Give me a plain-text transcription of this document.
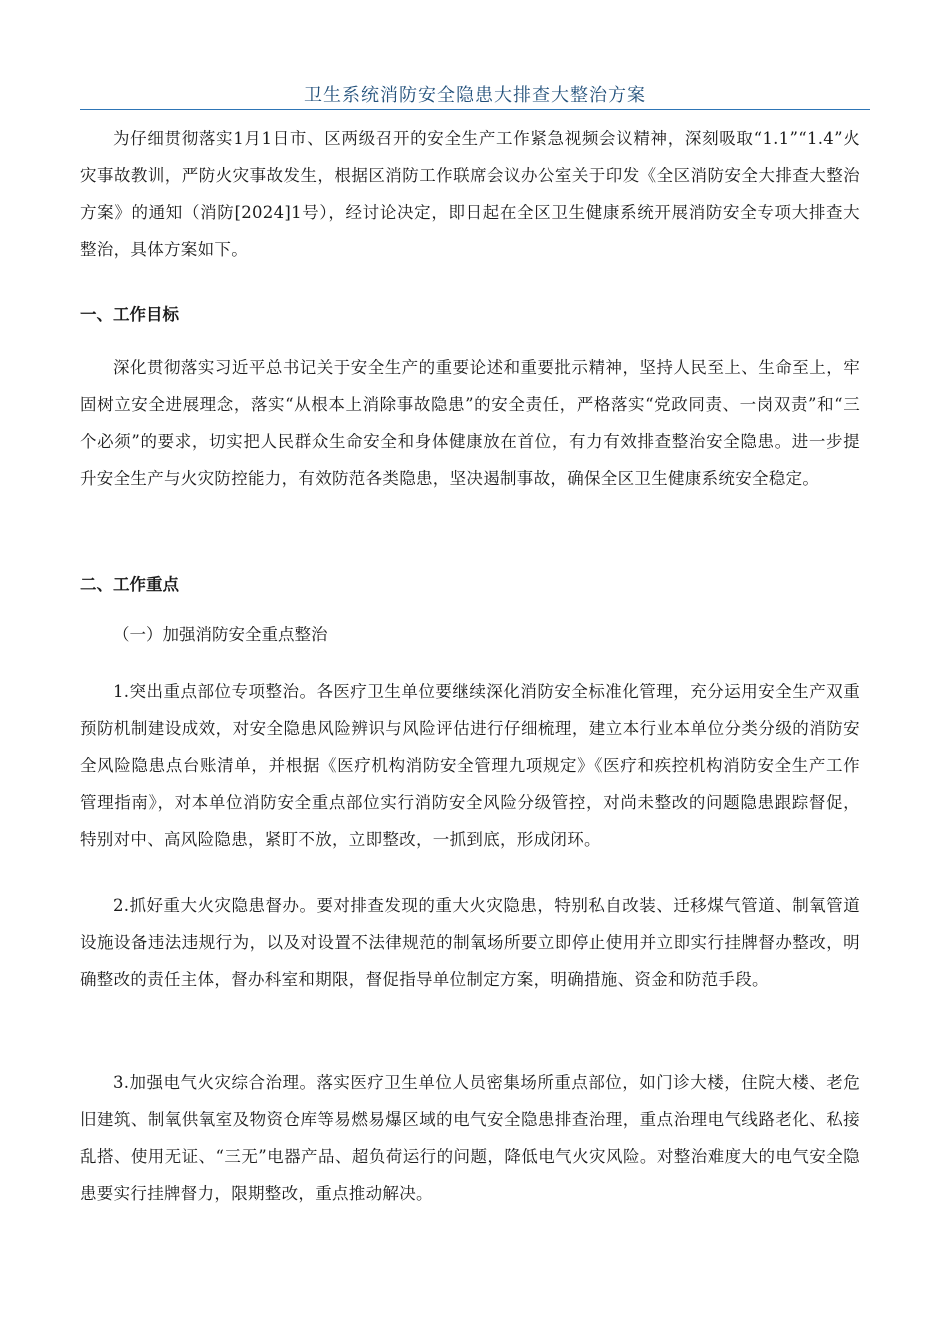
卫生系统消防安全隐患大排查大整治方案

为仔细贯彻落实1月1日市、区两级召开的安全生产工作紧急视频会议精神，深刻吸取“1.1”“1.4”火灾事故教训，严防火灾事故发生，根据区消防工作联席会议办公室关于印发《全区消防安全大排查大整治方案》的通知（消防[2024]1号），经讨论决定，即日起在全区卫生健康系统开展消防安全专项大排查大整治，具体方案如下。

一、工作目标

深化贯彻落实习近平总书记关于安全生产的重要论述和重要批示精神，坚持人民至上、生命至上，牢固树立安全进展理念，落实“从根本上消除事故隐患”的安全责任，严格落实“党政同责、一岗双责”和“三个必须”的要求，切实把人民群众生命安全和身体健康放在首位，有力有效排查整治安全隐患。进一步提升安全生产与火灾防控能力，有效防范各类隐患，坚决遏制事故，确保全区卫生健康系统安全稳定。

二、工作重点
（一）加强消防安全重点整治

1.突出重点部位专项整治。各医疗卫生单位要继续深化消防安全标准化管理，充分运用安全生产双重预防机制建设成效，对安全隐患风险辨识与风险评估进行仔细梳理，建立本行业本单位分类分级的消防安全风险隐患点台账清单，并根据《医疗机构消防安全管理九项规定》《医疗和疾控机构消防安全生产工作管理指南》，对本单位消防安全重点部位实行消防安全风险分级管控，对尚未整改的问题隐患跟踪督促，特别对中、高风险隐患，紧盯不放，立即整改，一抓到底，形成闭环。

2.抓好重大火灾隐患督办。要对排查发现的重大火灾隐患，特别私自改装、迁移煤气管道、制氧管道设施设备违法违规行为，以及对设置不法律规范的制氧场所要立即停止使用并立即实行挂牌督办整改，明确整改的责任主体，督办科室和期限，督促指导单位制定方案，明确措施、资金和防范手段。

3.加强电气火灾综合治理。落实医疗卫生单位人员密集场所重点部位，如门诊大楼，住院大楼、老危旧建筑、制氧供氧室及物资仓库等易燃易爆区域的电气安全隐患排查治理，重点治理电气线路老化、私接乱搭、使用无证、“三无”电器产品、超负荷运行的问题，降低电气火灾风险。对整治难度大的电气安全隐患要实行挂牌督力，限期整改，重点推动解决。
